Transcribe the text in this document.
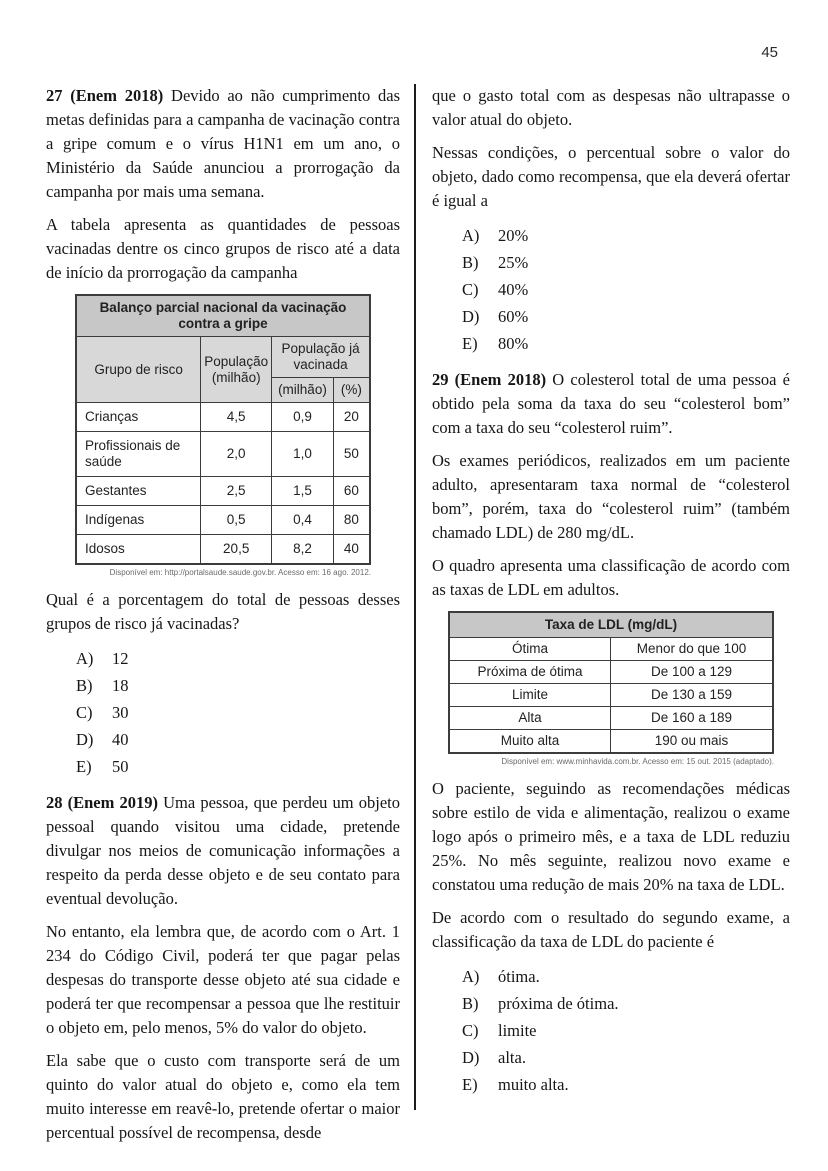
45

27 (Enem 2018) Devido ao não cumprimento das metas definidas para a campanha de vacinação contra a gripe comum e o vírus H1N1 em um ano, o Ministério da Saúde anunciou a prorrogação da campanha por mais uma semana.

A tabela apresenta as quantidades de pessoas vacinadas dentre os cinco grupos de risco até a data de início da prorrogação da campanha

Balanço parcial nacional da vacinação contra a gripe			
Grupo de risco	População (milhão)	População já vacinada	
		(milhão)	(%)
Crianças	4,5	0,9	20
Profissionais de saúde	2,0	1,0	50
Gestantes	2,5	1,5	60
Indígenas	0,5	0,4	80
Idosos	20,5	8,2	40
Disponível em: http://portalsaude.saude.gov.br. Acesso em: 16 ago. 2012.

Qual é a porcentagem do total de pessoas desses grupos de risco já vacinadas?

A) 12
B) 18
C) 30
D) 40
E) 50

28 (Enem 2019) Uma pessoa, que perdeu um objeto pessoal quando visitou uma cidade, pretende divulgar nos meios de comunicação informações a respeito da perda desse objeto e de seu contato para eventual devolução.

No entanto, ela lembra que, de acordo com o Art. 1 234 do Código Civil, poderá ter que pagar pelas despesas do transporte desse objeto até sua cidade e poderá ter que recompensar a pessoa que lhe restituir o objeto em, pelo menos, 5% do valor do objeto.

Ela sabe que o custo com transporte será de um quinto do valor atual do objeto e, como ela tem muito interesse em reavê-lo, pretende ofertar o maior percentual possível de recompensa, desde

que o gasto total com as despesas não ultrapasse o valor atual do objeto.

Nessas condições, o percentual sobre o valor do objeto, dado como recompensa, que ela deverá ofertar é igual a

A) 20%
B) 25%
C) 40%
D) 60%
E) 80%

29 (Enem 2018) O colesterol total de uma pessoa é obtido pela soma da taxa do seu “colesterol bom” com a taxa do seu “colesterol ruim”.

Os exames periódicos, realizados em um paciente adulto, apresentaram taxa normal de “colesterol bom”, porém, taxa do “colesterol ruim” (também chamado LDL) de 280 mg/dL.

O quadro apresenta uma classificação de acordo com as taxas de LDL em adultos.

Taxa de LDL (mg/dL)	
Ótima	Menor do que 100
Próxima de ótima	De 100 a 129
Limite	De 130 a 159
Alta	De 160 a 189
Muito alta	190 ou mais
Disponível em: www.minhavida.com.br. Acesso em: 15 out. 2015 (adaptado).

O paciente, seguindo as recomendações médicas sobre estilo de vida e alimentação, realizou o exame logo após o primeiro mês, e a taxa de LDL reduziu 25%. No mês seguinte, realizou novo exame e constatou uma redução de mais 20% na taxa de LDL.

De acordo com o resultado do segundo exame, a classificação da taxa de LDL do paciente é

A) ótima.
B) próxima de ótima.
C) limite
D) alta.
E) muito alta.
